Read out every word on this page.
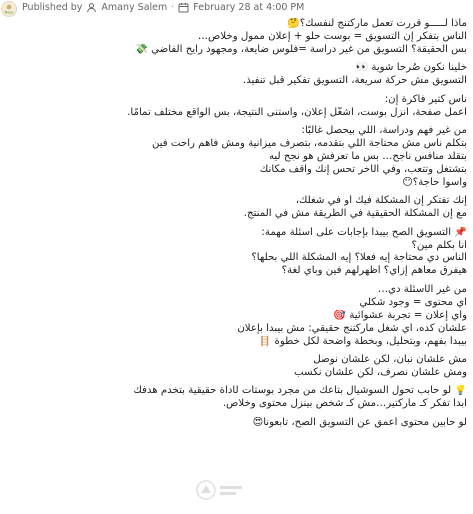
Nesa Published by Amany Salem · February 28 at 4:00 PM
ماذا لـــــو قررت تعمل ماركتنج لنفسك؟🤔
الناس بتفكر إن التسويق = بوست حلو + إعلان ممول وخلاص…
بس الحقيقة؟ التسويق من غير دراسة =فلوس ضايعة، ومجهود رايح الفاضي 💸
خلينا نكون صُرحا شوية 👀
التسويق مش حركة سريعة، التسويق تفكير قبل تنفيذ.
ناس كتير فاكرة إن:
أعمل صفحة، أنزل بوست، أشغّل إعلان، وأستنى النتيجة، بس الواقع مختلف تمامًا.
من غير فهم ودراسة، اللي بيحصل غالبًا:
بتكلم ناس مش محتاجة اللي بتقدمه، بتصرف ميزانية ومش فاهم راحت فين
بتقلد منافس ناجح… بس ما تعرفش هو نجح ليه
بتشتغل وتتعب، وفي الآخر تحس إنك واقف مكانك
وأسوأ حاجة؟😶
إنك تفتكر إن المشكلة فيك أو في شغلك،
مع إن المشكلة الحقيقية في الطريقة مش في المنتج.
📌 التسويق الصح بيبدأ بإجابات على أسئلة مهمة:
أنا بكلم مين؟
الناس دي محتاجة إيه فعلًا؟ إيه المشكلة اللي بحلها؟
هيفرق معاهم إزاي؟ أظهرلهم فين وبأي لغة؟
من غير الأسئلة دي…
أي محتوى = وجود شكلي
وأي إعلان = تجربة عشوائية 🎯
علشان كده، أي شغل ماركتنج حقيقي: مش بيبدأ بإعلان
بيبدأ بفهم، وبتحليل، وبخطة واضحة لكل خطوة 🪜
مش علشان نبان، لكن علشان نوصل
ومش علشان نصرف، لكن علشان نكسب
💡 لو حابب تحول السوشيال بتاعك من مجرد بوستات لأداة حقيقية بتخدم هدفك
ابدأ تفكر كـ ماركتير…مش كـ شخص بينزل محتوى وخلاص.
لو حابين محتوى أعمق عن التسويق الصح، تابعونا😍
